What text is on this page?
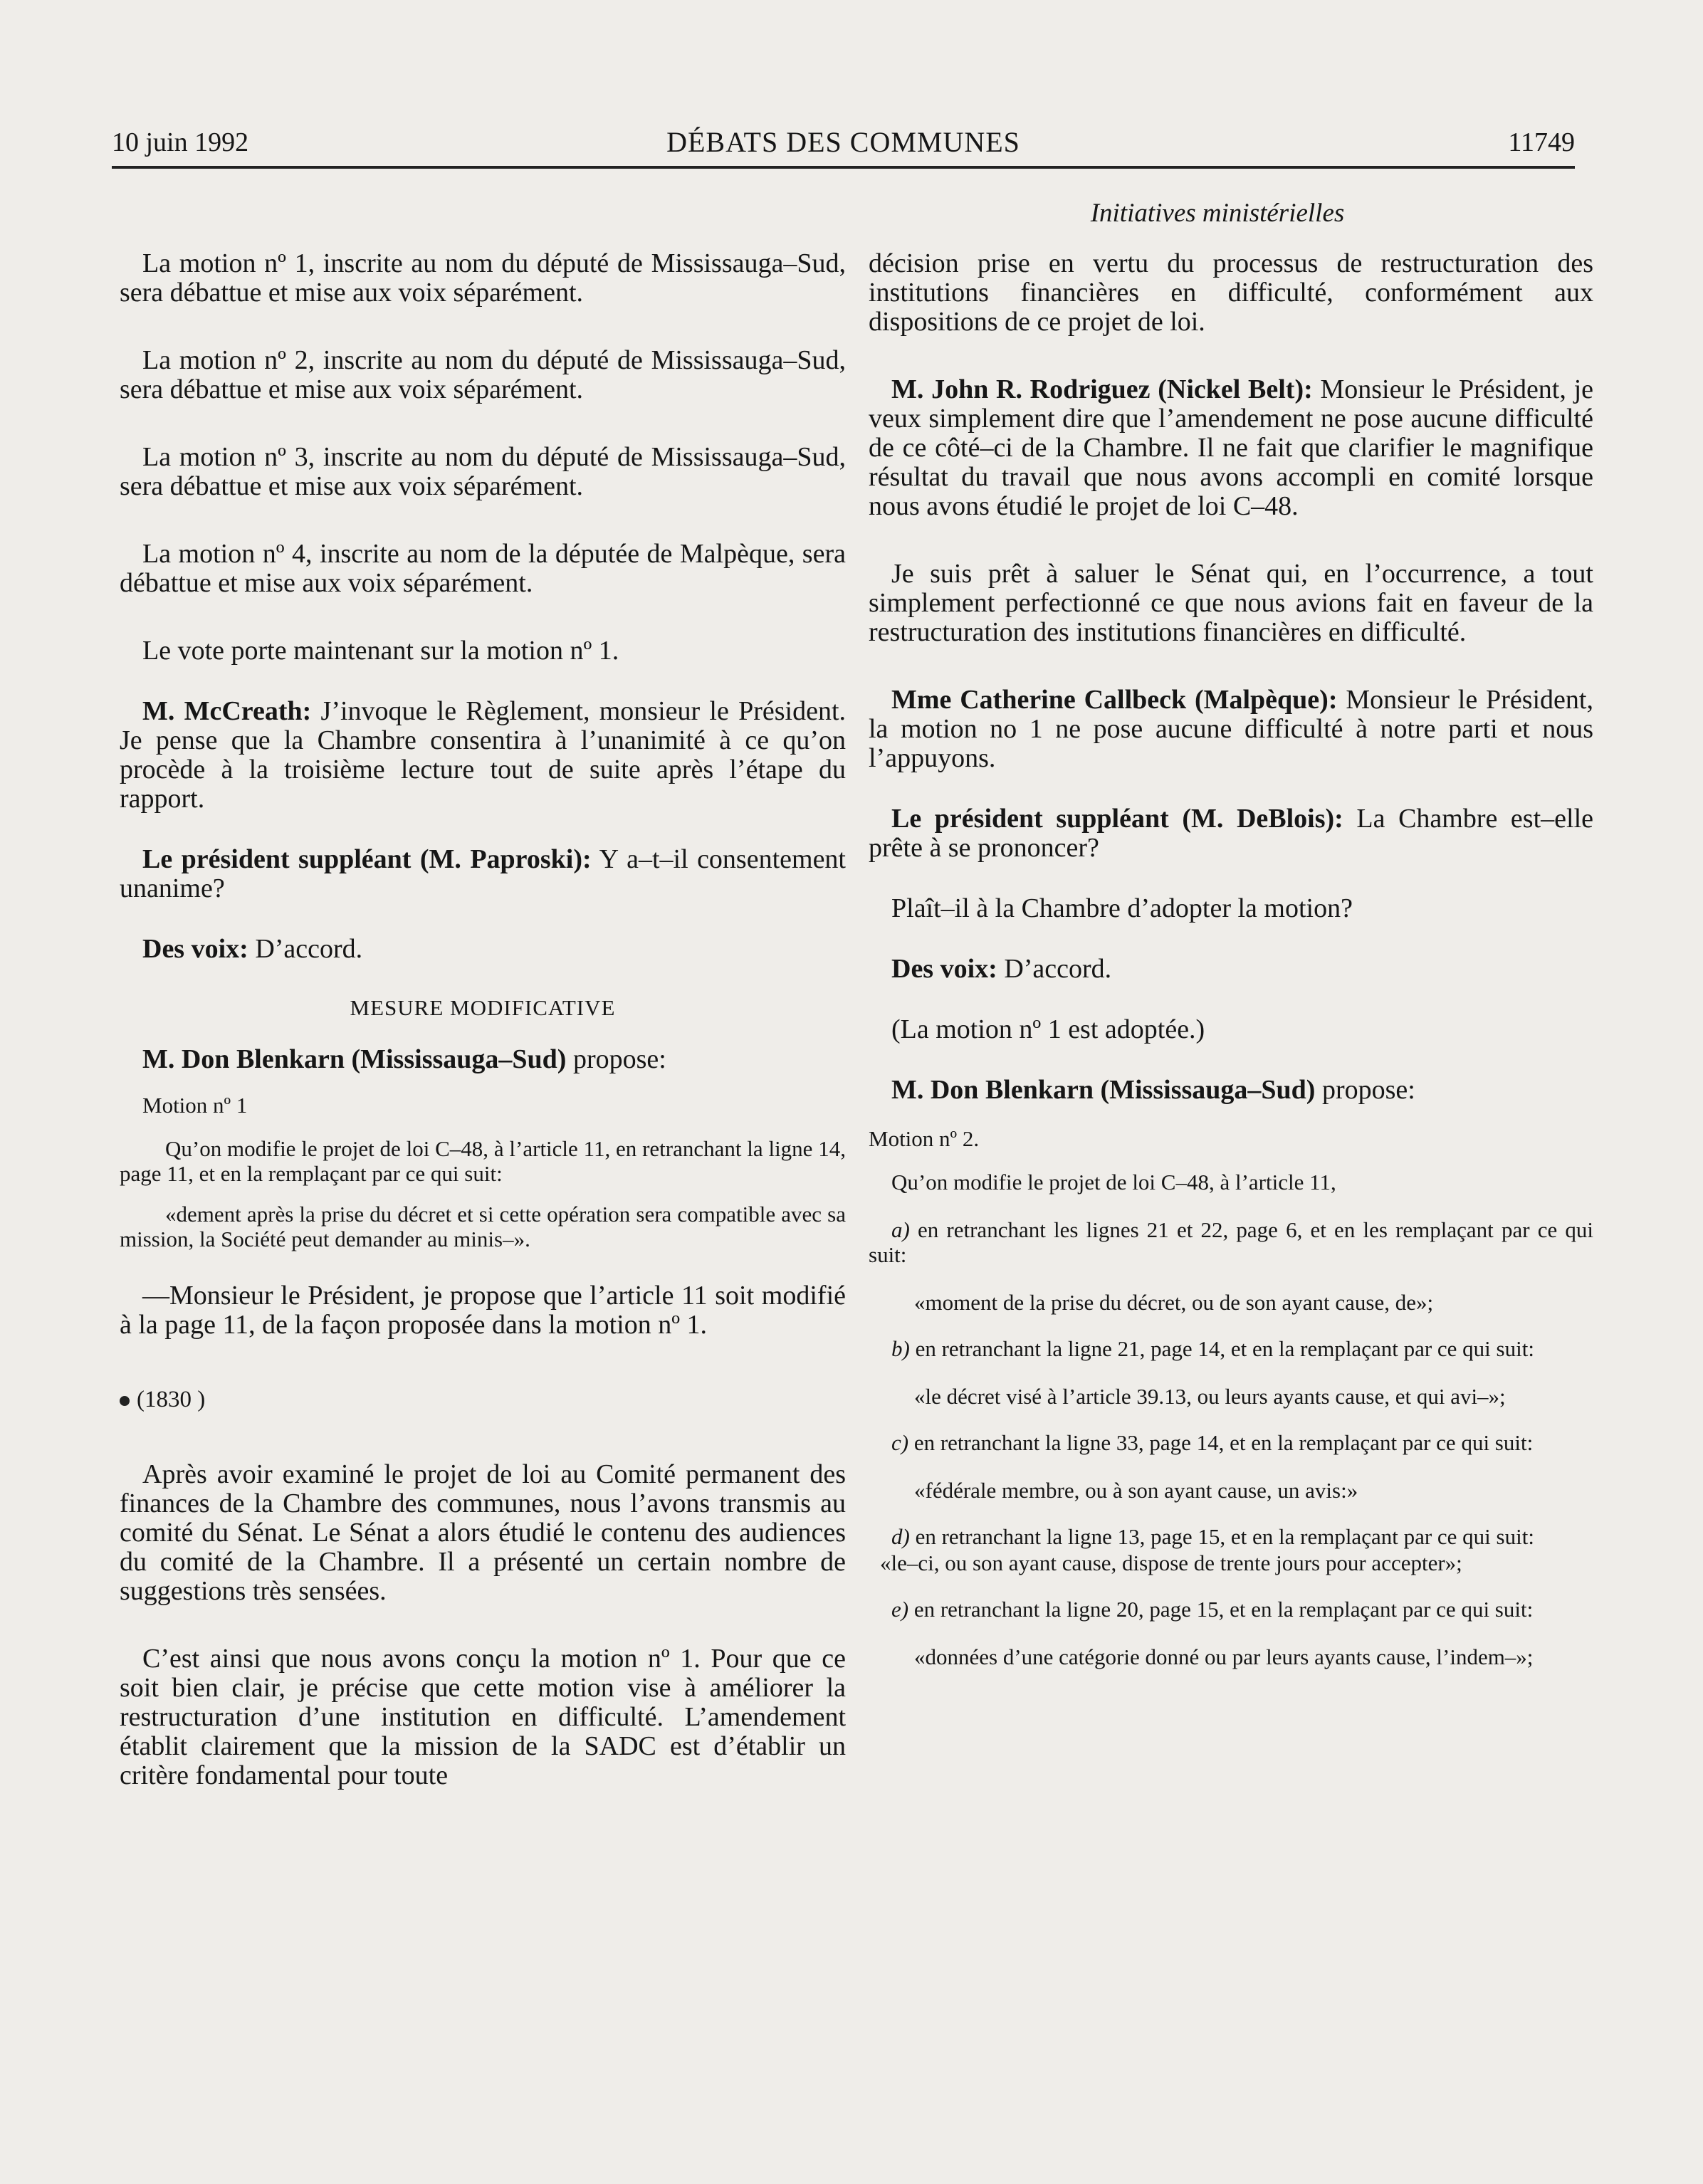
10 juin 1992	DÉBATS DES COMMUNES	11749
Initiatives ministérielles

La motion nº 1, inscrite au nom du député de Mississauga–Sud, sera débattue et mise aux voix séparément.

La motion nº 2, inscrite au nom du député de Mississauga–Sud, sera débattue et mise aux voix séparément.

La motion nº 3, inscrite au nom du député de Mississauga–Sud, sera débattue et mise aux voix séparément.

La motion nº 4, inscrite au nom de la députée de Malpèque, sera débattue et mise aux voix séparément.

Le vote porte maintenant sur la motion nº 1.

M. McCreath: J’invoque le Règlement, monsieur le Président. Je pense que la Chambre consentira à l’unanimité à ce qu’on procède à la troisième lecture tout de suite après l’étape du rapport.

Le président suppléant (M. Paproski): Y a–t–il consentement unanime?

Des voix: D’accord.

MESURE MODIFICATIVE

M. Don Blenkarn (Mississauga–Sud) propose:

Motion nº 1

Qu’on modifie le projet de loi C–48, à l’article 11, en retranchant la ligne 14, page 11, et en la remplaçant par ce qui suit:

«dement après la prise du décret et si cette opération sera compatible avec sa mission, la Société peut demander au minis–».

—Monsieur le Président, je propose que l’article 11 soit modifié à la page 11, de la façon proposée dans la motion nº 1.

(1830 )

Après avoir examiné le projet de loi au Comité permanent des finances de la Chambre des communes, nous l’avons transmis au comité du Sénat. Le Sénat a alors étudié le contenu des audiences du comité de la Chambre. Il a présenté un certain nombre de suggestions très sensées.

C’est ainsi que nous avons conçu la motion nº 1. Pour que ce soit bien clair, je précise que cette motion vise à améliorer la restructuration d’une institution en difficulté. L’amendement établit clairement que la mission de la SADC est d’établir un critère fondamental pour toute

décision prise en vertu du processus de restructuration des institutions financières en difficulté, conformément aux dispositions de ce projet de loi.

M. John R. Rodriguez (Nickel Belt): Monsieur le Président, je veux simplement dire que l’amendement ne pose aucune difficulté de ce côté–ci de la Chambre. Il ne fait que clarifier le magnifique résultat du travail que nous avons accompli en comité lorsque nous avons étudié le projet de loi C–48.

Je suis prêt à saluer le Sénat qui, en l’occurrence, a tout simplement perfectionné ce que nous avions fait en faveur de la restructuration des institutions financières en difficulté.

Mme Catherine Callbeck (Malpèque): Monsieur le Président, la motion no 1 ne pose aucune difficulté à notre parti et nous l’appuyons.

Le président suppléant (M. DeBlois): La Chambre est–elle prête à se prononcer?

Plaît–il à la Chambre d’adopter la motion?

Des voix: D’accord.

(La motion nº 1 est adoptée.)

M. Don Blenkarn (Mississauga–Sud) propose:

Motion nº 2.

Qu’on modifie le projet de loi C–48, à l’article 11,

a) en retranchant les lignes 21 et 22, page 6, et en les remplaçant par ce qui suit:

«moment de la prise du décret, ou de son ayant cause, de»;

b) en retranchant la ligne 21, page 14, et en la remplaçant par ce qui suit:

«le décret visé à l’article 39.13, ou leurs ayants cause, et qui avi–»;

c) en retranchant la ligne 33, page 14, et en la remplaçant par ce qui suit:

«fédérale membre, ou à son ayant cause, un avis:»

d) en retranchant la ligne 13, page 15, et en la remplaçant par ce qui suit:

«le–ci, ou son ayant cause, dispose de trente jours pour accepter»;

e) en retranchant la ligne 20, page 15, et en la remplaçant par ce qui suit:

«données d’une catégorie donné ou par leurs ayants cause, l’indem–»;
